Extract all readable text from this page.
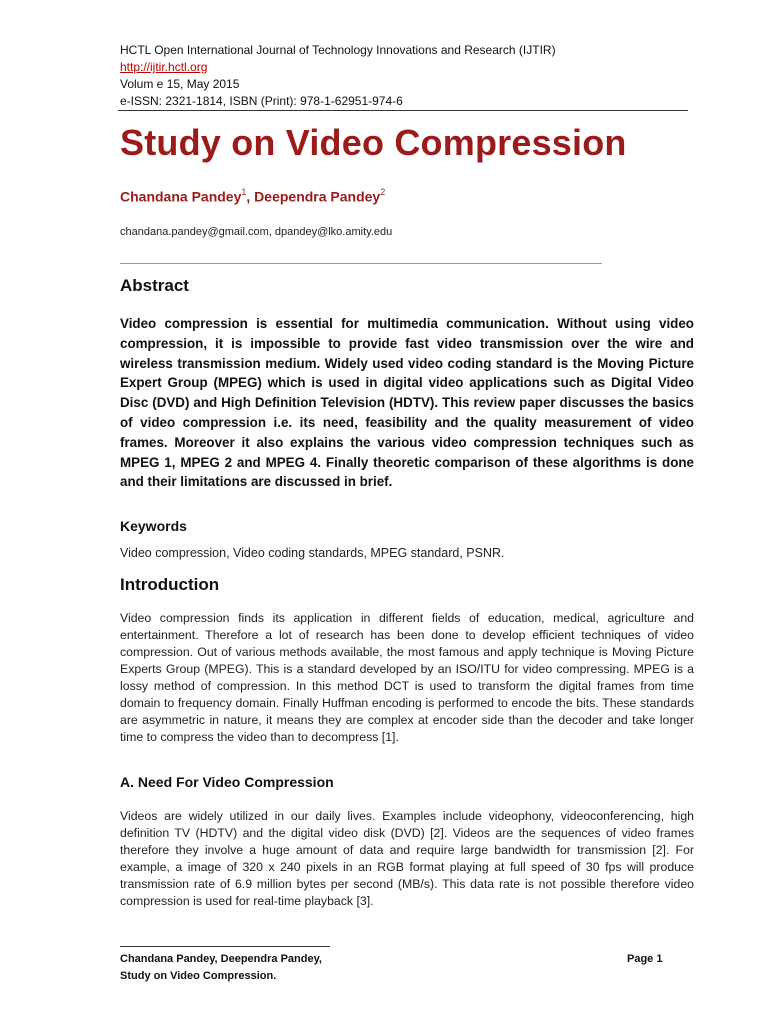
HCTL Open International Journal of Technology Innovations and Research (IJTIR)
http://ijtir.hctl.org
Volum e 15, May 2015
e-ISSN: 2321-1814, ISBN (Print): 978-1-62951-974-6
Study on Video Compression
Chandana Pandey$^1$, Deependra Pandey$^2$
chandana.pandey@gmail.com, dpandey@lko.amity.edu
Abstract
Video compression is essential for multimedia communication. Without using video compression, it is impossible to provide fast video transmission over the wire and wireless transmission medium. Widely used video coding standard is the Moving Picture Expert Group (MPEG) which is used in digital video applications such as Digital Video Disc (DVD) and High Definition Television (HDTV). This review paper discusses the basics of video compression i.e. its need, feasibility and the quality measurement of video frames. Moreover it also explains the various video compression techniques such as MPEG 1, MPEG 2 and MPEG 4. Finally theoretic comparison of these algorithms is done and their limitations are discussed in brief.
Keywords
Video compression, Video coding standards, MPEG standard, PSNR.
Introduction
Video compression finds its application in different fields of education, medical, agriculture and entertainment. Therefore a lot of research has been done to develop efficient techniques of video compression. Out of various methods available, the most famous and apply technique is Moving Picture Experts Group (MPEG). This is a standard developed by an ISO/ITU for video compressing. MPEG is a lossy method of compression. In this method DCT is used to transform the digital frames from time domain to frequency domain. Finally Huffman encoding is performed to encode the bits. These standards are asymmetric in nature, it means they are complex at encoder side than the decoder and take longer time to compress the video than to decompress [1].
A. Need For Video Compression
Videos are widely utilized in our daily lives. Examples include videophony, videoconferencing, high definition TV (HDTV) and the digital video disk (DVD) [2]. Videos are the sequences of video frames therefore they involve a huge amount of data and require large bandwidth for transmission [2]. For example, a image of 320 x 240 pixels in an RGB format playing at full speed of 30 fps will produce transmission rate of 6.9 million bytes per second (MB/s). This data rate is not possible therefore video compression is used for real-time playback [3].
Chandana Pandey, Deependra Pandey,
Study on Video Compression.
Page 1
